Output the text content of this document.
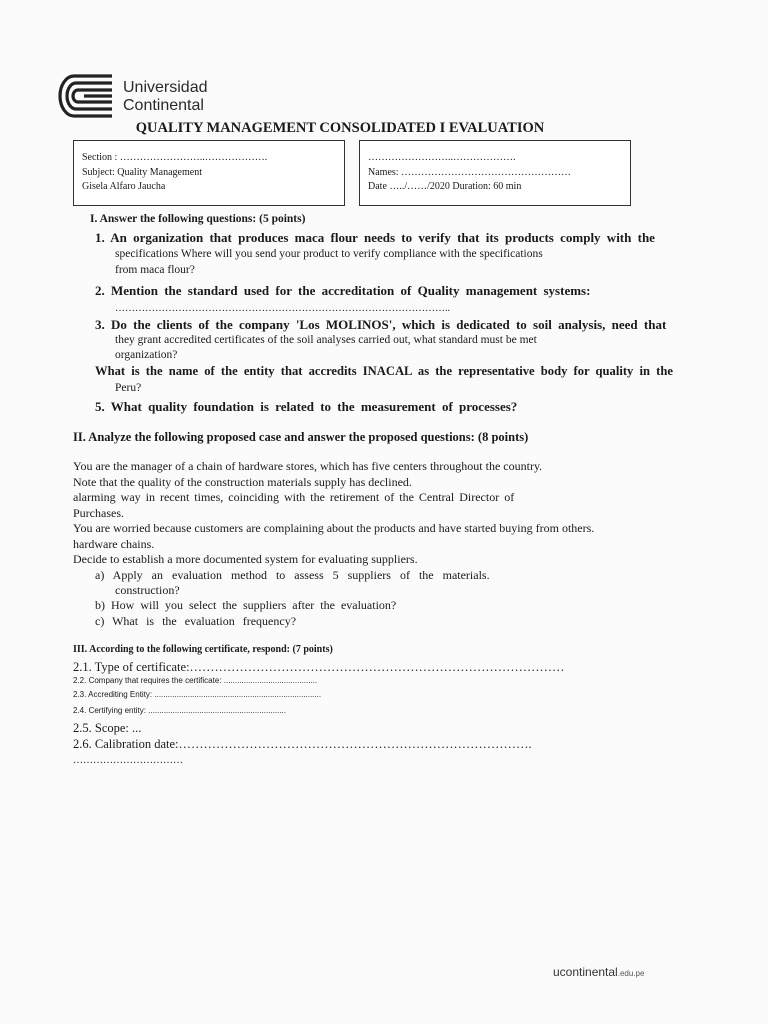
Universidad
Continental
QUALITY MANAGEMENT CONSOLIDATED I EVALUATION
Section : ……………………..……………….
Subject: Quality Management
Gisela Alfaro Jaucha
……………………..……………….
Names: ……………………………………………
Date …../……/2020 Duration: 60 min
I. Answer the following questions: (5 points)
1. An organization that produces maca flour needs to verify that its products comply with the
specifications Where will you send your product to verify compliance with the specifications
from maca flour?
2. Mention the standard used for the accreditation of Quality management systems:
………………………………………………………………………………………..
3. Do the clients of the company 'Los MOLINOS', which is dedicated to soil analysis, need that
they grant accredited certificates of the soil analyses carried out, what standard must be met
organization?
What is the name of the entity that accredits INACAL as the representative body for quality in the
Peru?
5. What quality foundation is related to the measurement of processes?
II. Analyze the following proposed case and answer the proposed questions: (8 points)
You are the manager of a chain of hardware stores, which has five centers throughout the country.
Note that the quality of the construction materials supply has declined.
alarming way in recent times, coinciding with the retirement of the Central Director of
Purchases.
You are worried because customers are complaining about the products and have started buying from others.
hardware chains.
Decide to establish a more documented system for evaluating suppliers.
a) Apply an evaluation method to assess 5 suppliers of the materials.
construction?
b) How will you select the suppliers after the evaluation?
c) What is the evaluation frequency?
III. According to the following certificate, respond: (7 points)
2.1. Type of certificate:………………………………………………………………………………
2.2. Company that requires the certificate: ..........................................
2.3. Accrediting Entity: ...........................................................................
2.4. Certifying entity: ..............................................................
2.5. Scope: ...
2.6. Calibration date:………………………………………………………………………….
……………………………
ucontinental.edu.pe
